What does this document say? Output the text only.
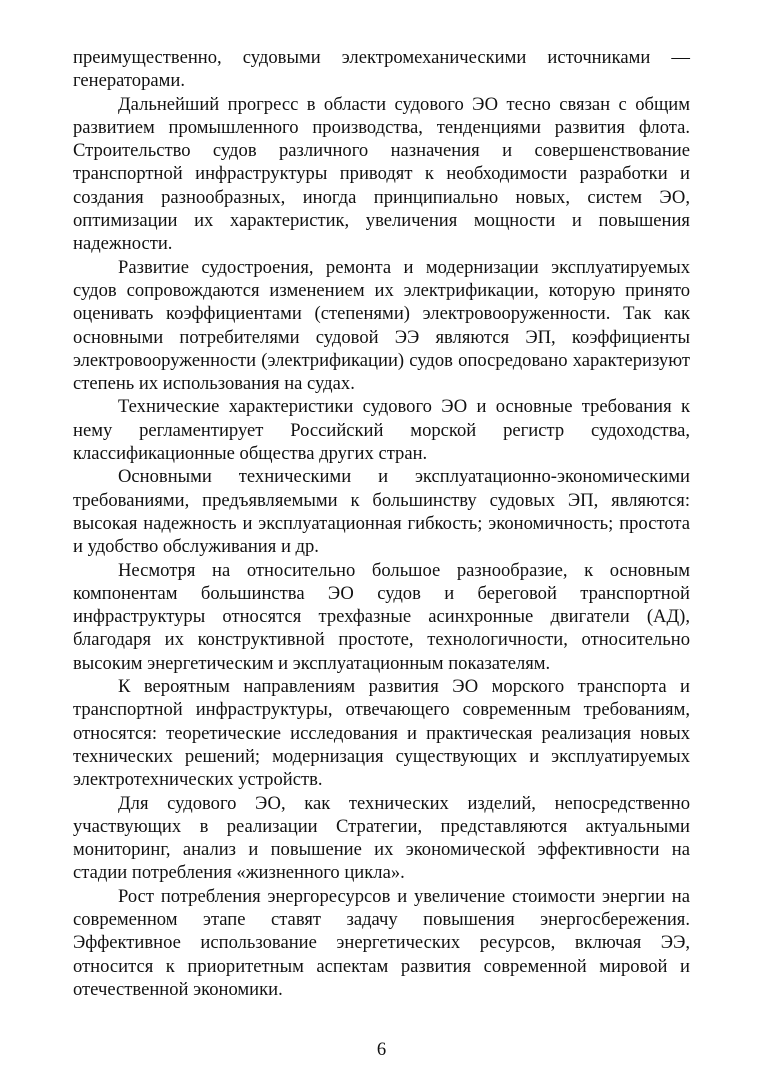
преимущественно, судовыми электромеханическими источниками — генераторами.

Дальнейший прогресс в области судового ЭО тесно связан с общим развитием промышленного производства, тенденциями развития флота. Строительство судов различного назначения и совершенствование транспортной инфраструктуры приводят к необходимости разработки и создания разнообразных, иногда принципиально новых, систем ЭО, оптимизации их характеристик, увеличения мощности и повышения надежности.

Развитие судостроения, ремонта и модернизации эксплуатируемых судов сопровождаются изменением их электрификации, которую принято оценивать коэффициентами (степенями) электровооруженности. Так как основными потребителями судовой ЭЭ являются ЭП, коэффициенты электровооруженности (электрификации) судов опосредовано характеризуют степень их использования на судах.

Технические характеристики судового ЭО и основные требования к нему регламентирует Российский морской регистр судоходства, классификационные общества других стран.

Основными техническими и эксплуатационно-экономическими требованиями, предъявляемыми к большинству судовых ЭП, являются: высокая надежность и эксплуатационная гибкость; экономичность; простота и удобство обслуживания и др.

Несмотря на относительно большое разнообразие, к основным компонентам большинства ЭО судов и береговой транспортной инфраструктуры относятся трехфазные асинхронные двигатели (АД), благодаря их конструктивной простоте, технологичности, относительно высоким энергетическим и эксплуатационным показателям.

К вероятным направлениям развития ЭО морского транспорта и транспортной инфраструктуры, отвечающего современным требованиям, относятся: теоретические исследования и практическая реализация новых технических решений; модернизация существующих и эксплуатируемых электротехнических устройств.

Для судового ЭО, как технических изделий, непосредственно участвующих в реализации Стратегии, представляются актуальными мониторинг, анализ и повышение их экономической эффективности на стадии потребления «жизненного цикла».

Рост потребления энергоресурсов и увеличение стоимости энергии на современном этапе ставят задачу повышения энергосбережения. Эффективное использование энергетических ресурсов, включая ЭЭ, относится к приоритетным аспектам развития современной мировой и отечественной экономики.

6
